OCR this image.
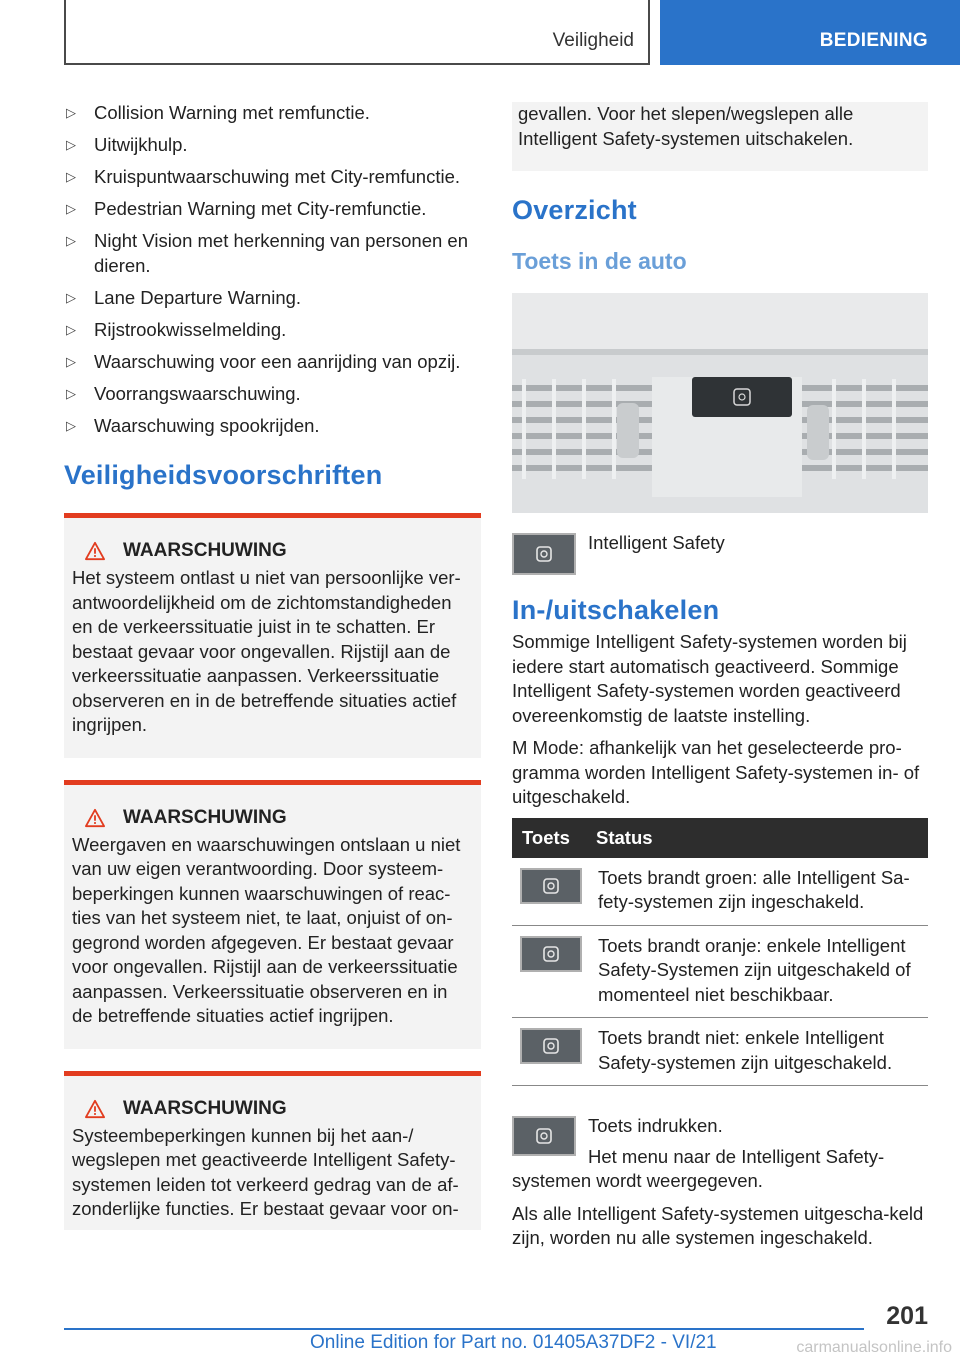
Veiligheid	BEDIENING
▷ Collision Warning met remfunctie.
▷ Uitwijkhulp.
▷ Kruispuntwaarschuwing met City-remfunctie.
▷ Pedestrian Warning met City-remfunctie.
▷ Night Vision met herkenning van personen en dieren.
▷ Lane Departure Warning.
▷ Rijstrookwisselmelding.
▷ Waarschuwing voor een aanrijding van opzij.
▷ Voorrangswaarschuwing.
▷ Waarschuwing spookrijden.
Veiligheidsvoorschriften
WAARSCHUWING

Het systeem ontlast u niet van persoonlijke ver-antwoordelijkheid om de zichtomstandigheden en de verkeerssituatie juist in te schatten. Er bestaat gevaar voor ongevallen. Rijstijl aan de verkeerssituatie aanpassen. Verkeerssituatie observeren en in de betreffende situaties actief ingrijpen.

WAARSCHUWING

Weergaven en waarschuwingen ontslaan u niet van uw eigen verantwoording. Door systeem-beperkingen kunnen waarschuwingen of reac-ties van het systeem niet, te laat, onjuist of on-gegrond worden afgegeven. Er bestaat gevaar voor ongevallen. Rijstijl aan de verkeerssituatie aanpassen. Verkeerssituatie observeren en in de betreffende situaties actief ingrijpen.

WAARSCHUWING

Systeembeperkingen kunnen bij het aan-/ wegslepen met geactiveerde Intelligent Safety-systemen leiden tot verkeerd gedrag van de af-zonderlijke functies. Er bestaat gevaar voor on-

gevallen. Voor het slepen/wegslepen alle Intelligent Safety-systemen uitschakelen.

Overzicht
Toets in de auto
Intelligent Safety
In-/uitschakelen

Sommige Intelligent Safety-systemen worden bij iedere start automatisch geactiveerd. Sommige Intelligent Safety-systemen worden geactiveerd overeenkomstig de laatste instelling.

M Mode: afhankelijk van het geselecteerde pro-gramma worden Intelligent Safety-systemen in- of uitgeschakeld.

Toets	Status

	Toets brandt groen: alle Intelligent Sa-fety-systemen zijn ingeschakeld.

	Toets brandt oranje: enkele Intelligent Safety-Systemen zijn uitgeschakeld of momenteel niet beschikbaar.

	Toets brandt niet: enkele Intelligent Safety-systemen zijn uitgeschakeld.

Toets indrukken.

Het menu naar de Intelligent Safety-systemen wordt weergegeven.

Als alle Intelligent Safety-systemen uitgescha-keld zijn, worden nu alle systemen ingeschakeld.

201
Online Edition for Part no. 01405A37DF2 - VI/21	carmanualsonline.info
